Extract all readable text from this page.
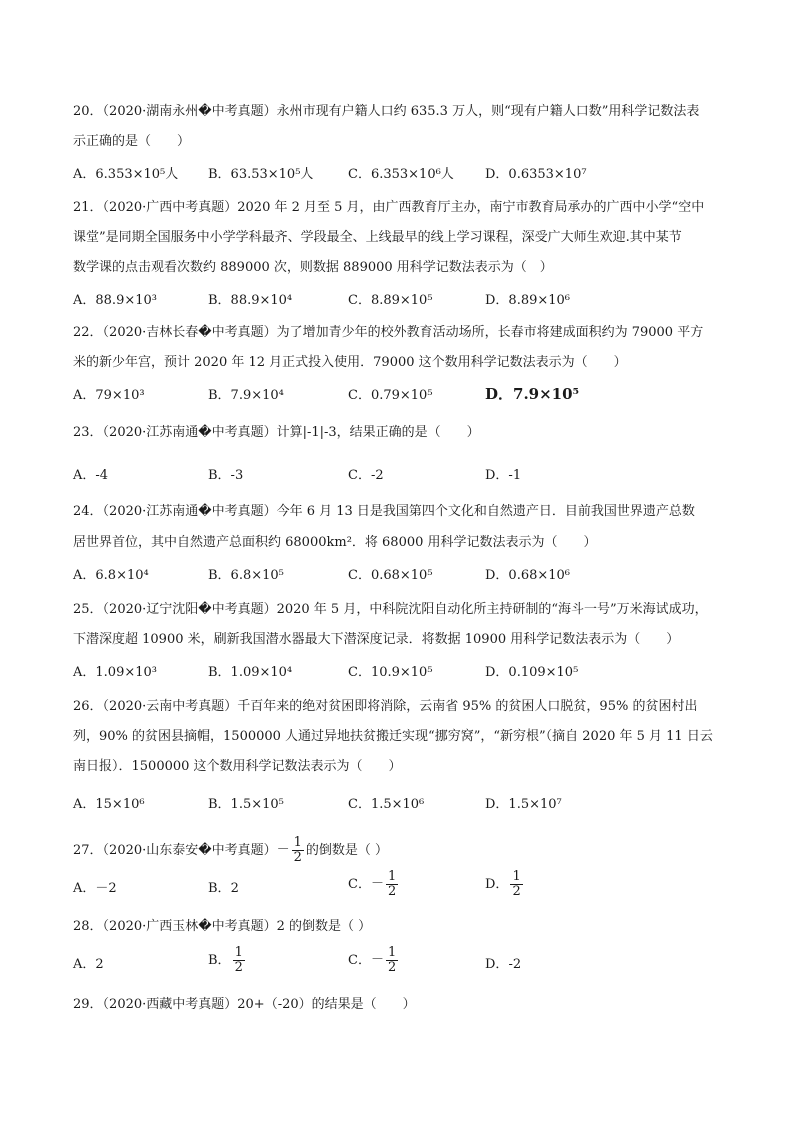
20．（2020·湖南永州�中考真题）永州市现有户籍人口约 635.3 万人，则“现有户籍人口数”用科学记数法表
示正确的是（　　）
A．6.353×10⁵人 B．63.53×10⁵人	C．6.353×10⁶人 D．0.6353×10⁷
21．（2020·广西中考真题）2020 年 2 月至 5 月，由广西教育厅主办，南宁市教育局承办的广西中小学“空中
课堂”是同期全国服务中小学学科最齐、学段最全、上线最早的线上学习课程，深受广大师生欢迎.其中某节
数学课的点击观看次数约 889000 次，则数据 889000 用科学记数法表示为（　）
A．88.9×10³	B．88.9×10⁴	C．8.89×10⁵	D．8.89×10⁶
22．（2020·吉林长春�中考真题）为了增加青少年的校外教育活动场所，长春市将建成面积约为 79000 平方
米的新少年宫，预计 2020 年 12 月正式投入使用．79000 这个数用科学记数法表示为（　　）
A．79×10³	B．7.9×10⁴	C．0.79×10⁵	D．7.9×10⁵
23．（2020·江苏南通�中考真题）计算|-1|-3，结果正确的是（　　）
A．-4	B．-3	C．-2	D．-1
24．（2020·江苏南通�中考真题）今年 6 月 13 日是我国第四个文化和自然遗产日．目前我国世界遗产总数
居世界首位，其中自然遗产总面积约 68000km²．将 68000 用科学记数法表示为（　　）
A．6.8×10⁴	B．6.8×10⁵	C．0.68×10⁵	D．0.68×10⁶
25．（2020·辽宁沈阳�中考真题）2020 年 5 月，中科院沈阳自动化所主持研制的“海斗一号”万米海试成功，
下潜深度超 10900 米，刷新我国潜水器最大下潜深度记录．将数据 10900 用科学记数法表示为（　　）
A．1.09×10³	B．1.09×10⁴	C．10.9×10⁵	D．0.109×10⁵
26．（2020·云南中考真题）千百年来的绝对贫困即将消除，云南省 95% 的贫困人口脱贫，95% 的贫困村出
列，90% 的贫困县摘帽，1500000 人通过异地扶贫搬迁实现“挪穷窝”，“新穷根”（摘自 2020 年 5 月 11 日云
南日报）．1500000 这个数用科学记数法表示为（　　）
A．15×10⁶	B．1.5×10⁵	C．1.5×10⁶	D．1.5×10⁷
27．（2020·山东泰安�中考真题）－ $\frac{1}{2}$ 的倒数是（ ）
A．－2	B．2	C．－ $\frac{1}{2}$	D． $\frac{1}{2}$
28．（2020·广西玉林�中考真题）2 的倒数是（ ）
A．2	B． $\frac{1}{2}$	C．－ $\frac{1}{2}$	D．-2
29．（2020·西藏中考真题）20+（-20）的结果是（　　）
